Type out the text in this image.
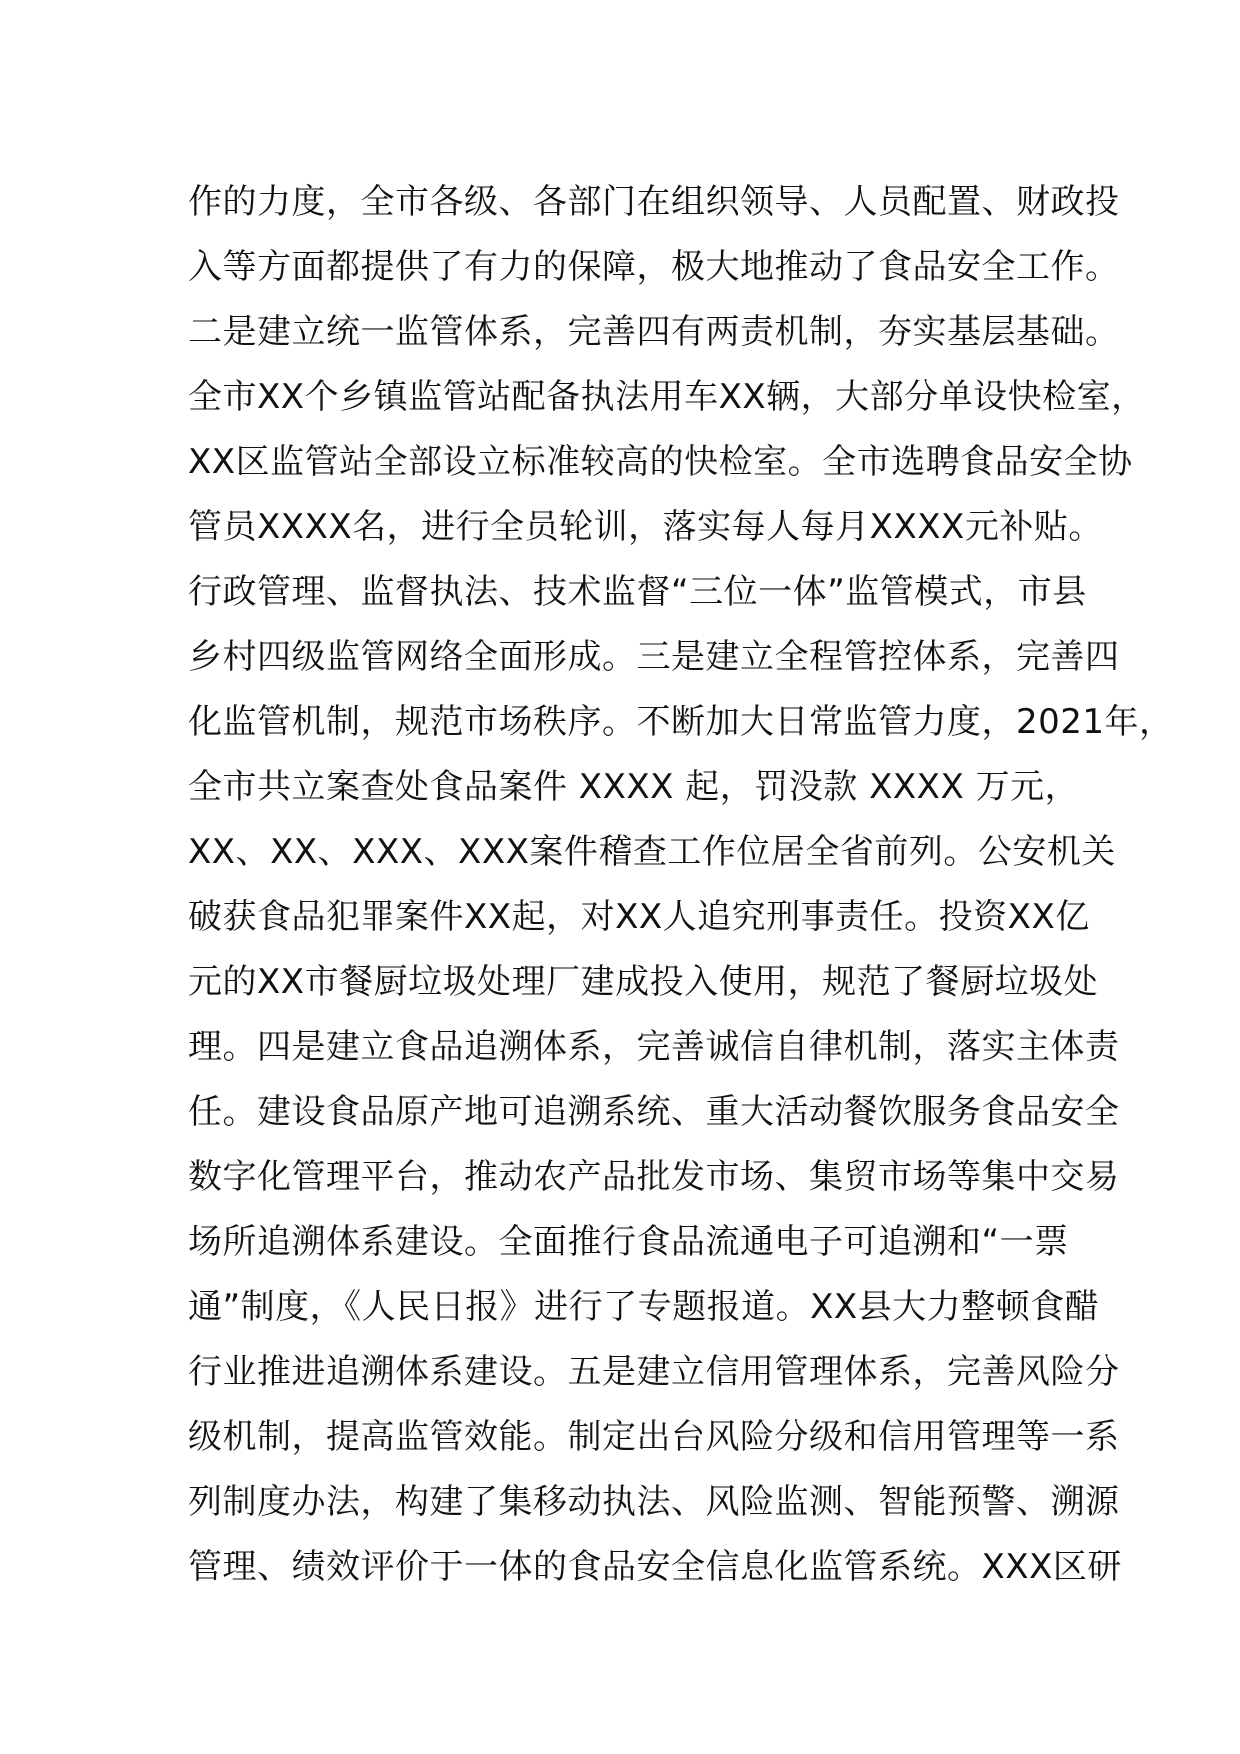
作的力度，全市各级、各部门在组织领导、人员配置、财政投
入等方面都提供了有力的保障，极大地推动了食品安全工作。
二是建立统一监管体系，完善四有两责机制，夯实基层基础。
全市XX个乡镇监管站配备执法用车XX辆，大部分单设快检室，
XX区监管站全部设立标准较高的快检室。全市选聘食品安全协
管员XXXX名，进行全员轮训，落实每人每月XXXX元补贴。
行政管理、监督执法、技术监督“三位一体”监管模式，市县
乡村四级监管网络全面形成。三是建立全程管控体系，完善四
化监管机制，规范市场秩序。不断加大日常监管力度，2021年，
全市共立案查处食品案件 XXXX 起，罚没款 XXXX 万元，
XX、XX、XXX、XXX案件稽查工作位居全省前列。公安机关
破获食品犯罪案件XX起，对XX人追究刑事责任。投资XX亿
元的XX市餐厨垃圾处理厂建成投入使用，规范了餐厨垃圾处
理。四是建立食品追溯体系，完善诚信自律机制，落实主体责
任。建设食品原产地可追溯系统、重大活动餐饮服务食品安全
数字化管理平台，推动农产品批发市场、集贸市场等集中交易
场所追溯体系建设。全面推行食品流通电子可追溯和“一票
通”制度，《人民日报》进行了专题报道。XX县大力整顿食醋
行业推进追溯体系建设。五是建立信用管理体系，完善风险分
级机制，提高监管效能。制定出台风险分级和信用管理等一系
列制度办法，构建了集移动执法、风险监测、智能预警、溯源
管理、绩效评价于一体的食品安全信息化监管系统。XXX区研
